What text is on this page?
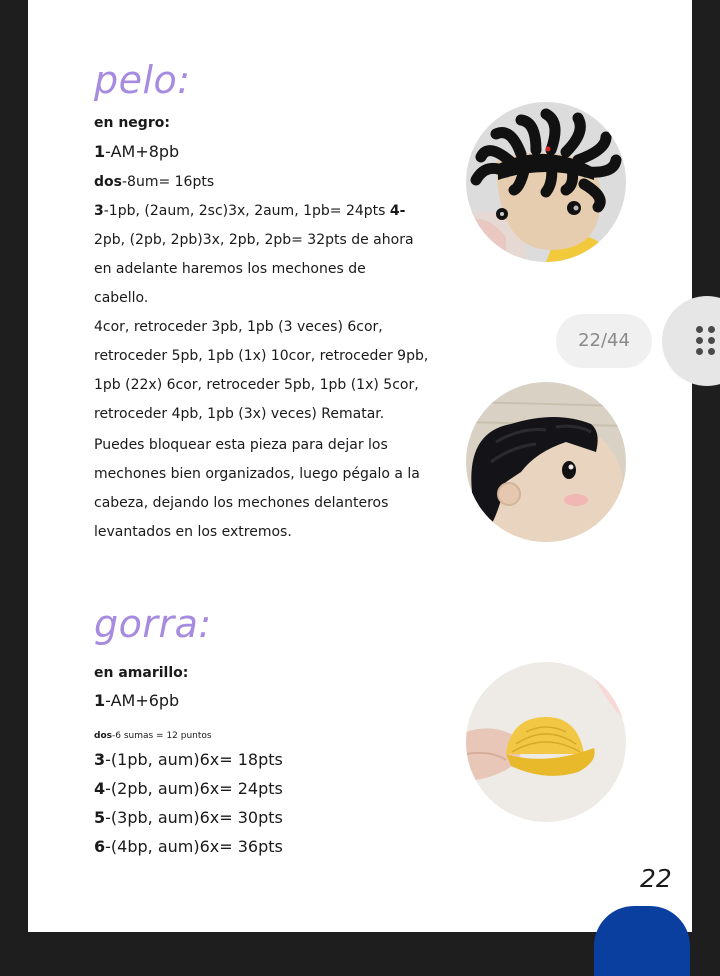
pelo:

en negro:

1-AM+8pb

dos-8um= 16pts

3-1pb, (2aum, 2sc)3x, 2aum, 1pb= 24pts 4-

2pb, (2pb, 2pb)3x, 2pb, 2pb= 32pts de ahora

en adelante haremos los mechones de

cabello.

4cor, retroceder 3pb, 1pb (3 veces) 6cor,

retroceder 5pb, 1pb (1x) 10cor, retroceder 9pb,

1pb (22x) 6cor, retroceder 5pb, 1pb (1x) 5cor,

retroceder 4pb, 1pb (3x) veces) Rematar.

Puedes bloquear esta pieza para dejar los

mechones bien organizados, luego pégalo a la

cabeza, dejando los mechones delanteros

levantados en los extremos.

gorra:

en amarillo:

1-AM+6pb

dos-6 sumas = 12 puntos

3-(1pb, aum)6x= 18pts

4-(2pb, aum)6x= 24pts

5-(3pb, aum)6x= 30pts

6-(4bp, aum)6x= 36pts

22
22/44
